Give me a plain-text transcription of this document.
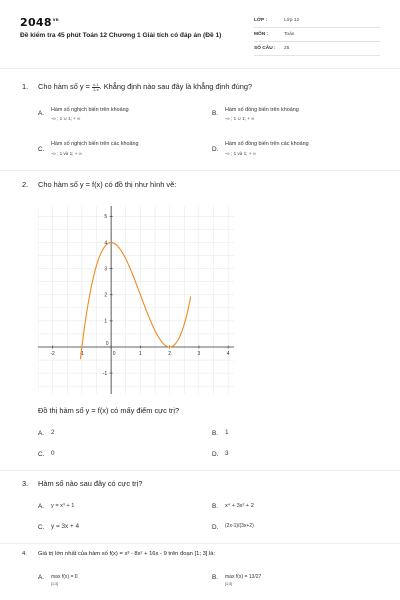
$2048^{vn}$
Đề kiểm tra 45 phút Toán 12 Chương 1 Giải tích có đáp án (Đề 1)
LỚP :	Lớp 12
MÔN :	Toán
SỐ CÂU : 25
1. Cho hàm số $y = \frac{x-1}{1-x}$ . Khẳng định nào sau đây là khẳng định đúng?
A. Hàm số nghịch biến trên khoảng
-∞ ; 1 ∪ 1; + ∞
B. Hàm số đồng biến trên khoảng
-∞ ; 1 ∪ 1; + ∞
C.
Hàm số nghịch biến trên các khoảng
-∞ ; 1 và 1; + ∞
D.
Hàm số đồng biến trên các khoảng
-∞ ; 1 và 1; + ∞
2. Cho hàm số y = f(x) có đồ thị như hình vẽ:
-2	-1	0	1	2	3	4
5
4
3
2
1
0
-1
Đồ thị hàm số y = f(x) có mấy điểm cực trị?
A. 2	B. 1
C. 0	D. 3
3. Hàm số nào sau đây có cực trị?
A. y = x³ + 1	B. x⁴ + 3x² + 2
C. y = 3x + 4	D. (2x-1)/(3x+2)
4. Giá trị lớn nhất của hàm số f(x) = x³ - 8x² + 16x - 9 trên đoạn [1; 3] là:
A. max f(x) = 0
[1;3]
B. max f(x) = 13/27
[1;3]
